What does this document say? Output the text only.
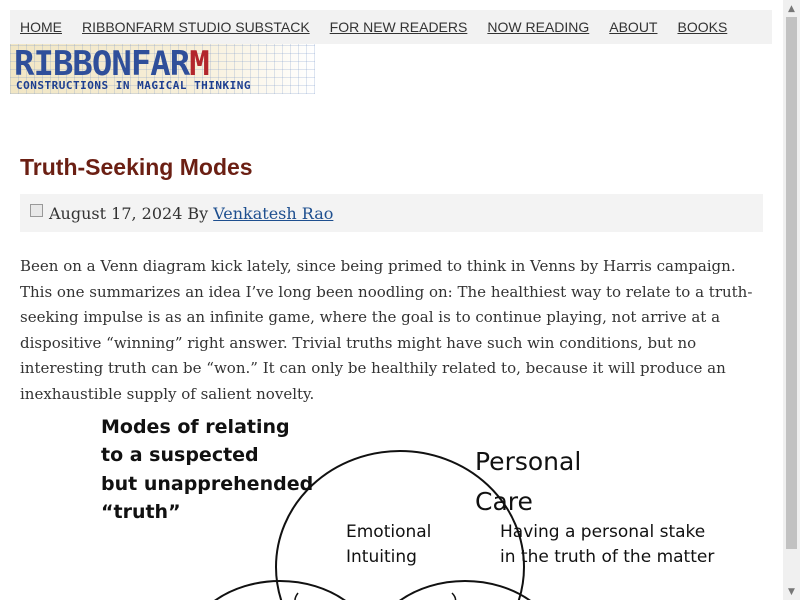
HOME RIBBONFARM STUDIO SUBSTACK FOR NEW READERS NOW READING ABOUT BOOKS
RIBBONFARM
CONSTRUCTIONS IN MAGICAL THINKING
Truth-Seeking Modes
August 17, 2024 By Venkatesh Rao

Been on a Venn diagram kick lately, since being primed to think in Venns by Harris campaign. This one summarizes an idea I’ve long been noodling on: The healthiest way to relate to a truth-seeking impulse is as an infinite game, where the goal is to continue playing, not arrive at a dispositive “winning” right answer. Trivial truths might have such win conditions, but no interesting truth can be “won.” It can only be healthily related to, because it will produce an inexhaustible supply of salient novelty.

Modes of relating
to a suspected
but unapprehended
“truth”
Personal
Care
Emotional
Intuiting
Having a personal stake
in the truth of the matter
▲
▼
